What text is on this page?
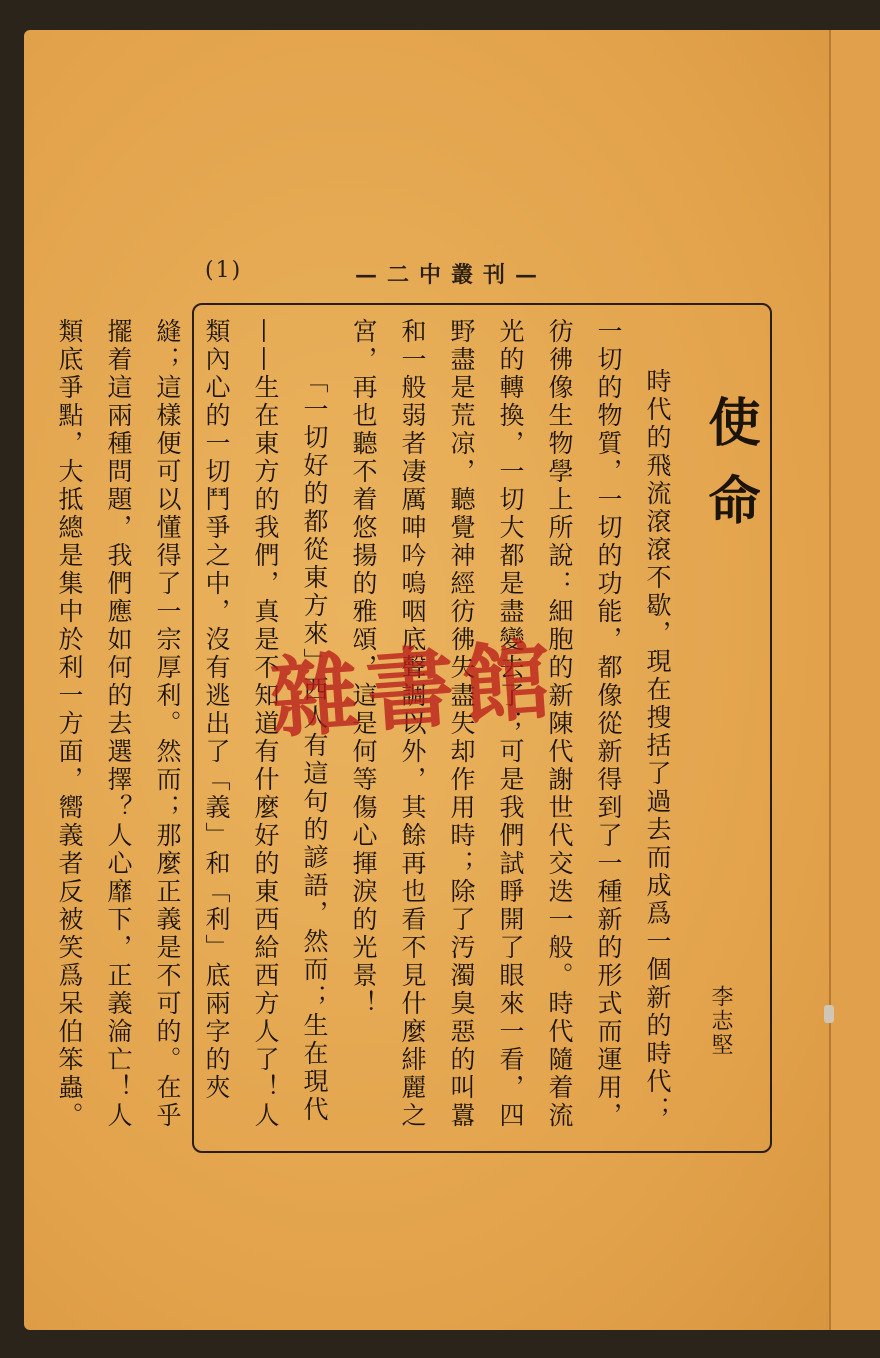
(1)	—二中叢刊—
使命
李志堅

時代的飛流滾滾不歇，現在搜括了過去而成爲一個新的時代；一切的物質，一切的功能，都像從新得到了一種新的形式而運用，彷彿像生物學上所說：細胞的新陳代謝世代交迭一般。時代隨着流光的轉換，一切大都是盡變去了；可是我們試睜開了眼來一看，四野盡是荒凉，聽覺神經彷彿失盡失却作用時；除了汚濁臭惡的叫囂和一般弱者凄厲呻吟嗚咽底聲調以外，其餘再也看不見什麼緋麗之宮，再也聽不着悠揚的雅頌，這是何等傷心揮淚的光景！

「一切好的都從東方來」西人有這句的諺語，然而；生在現代——生在東方的我們，真是不知道有什麼好的東西給西方人了！人類內心的一切鬥爭之中，沒有逃出了「義」和「利」底兩字的夾縫；這樣便可以懂得了一宗厚利。然而；那麼正義是不可的。在乎擺着這兩種問題，我們應如何的去選擇？人心靡下，正義淪亡！人類底爭點，大抵總是集中於利一方面，嚮義者反被笑爲呆伯笨蟲。	雜書館
